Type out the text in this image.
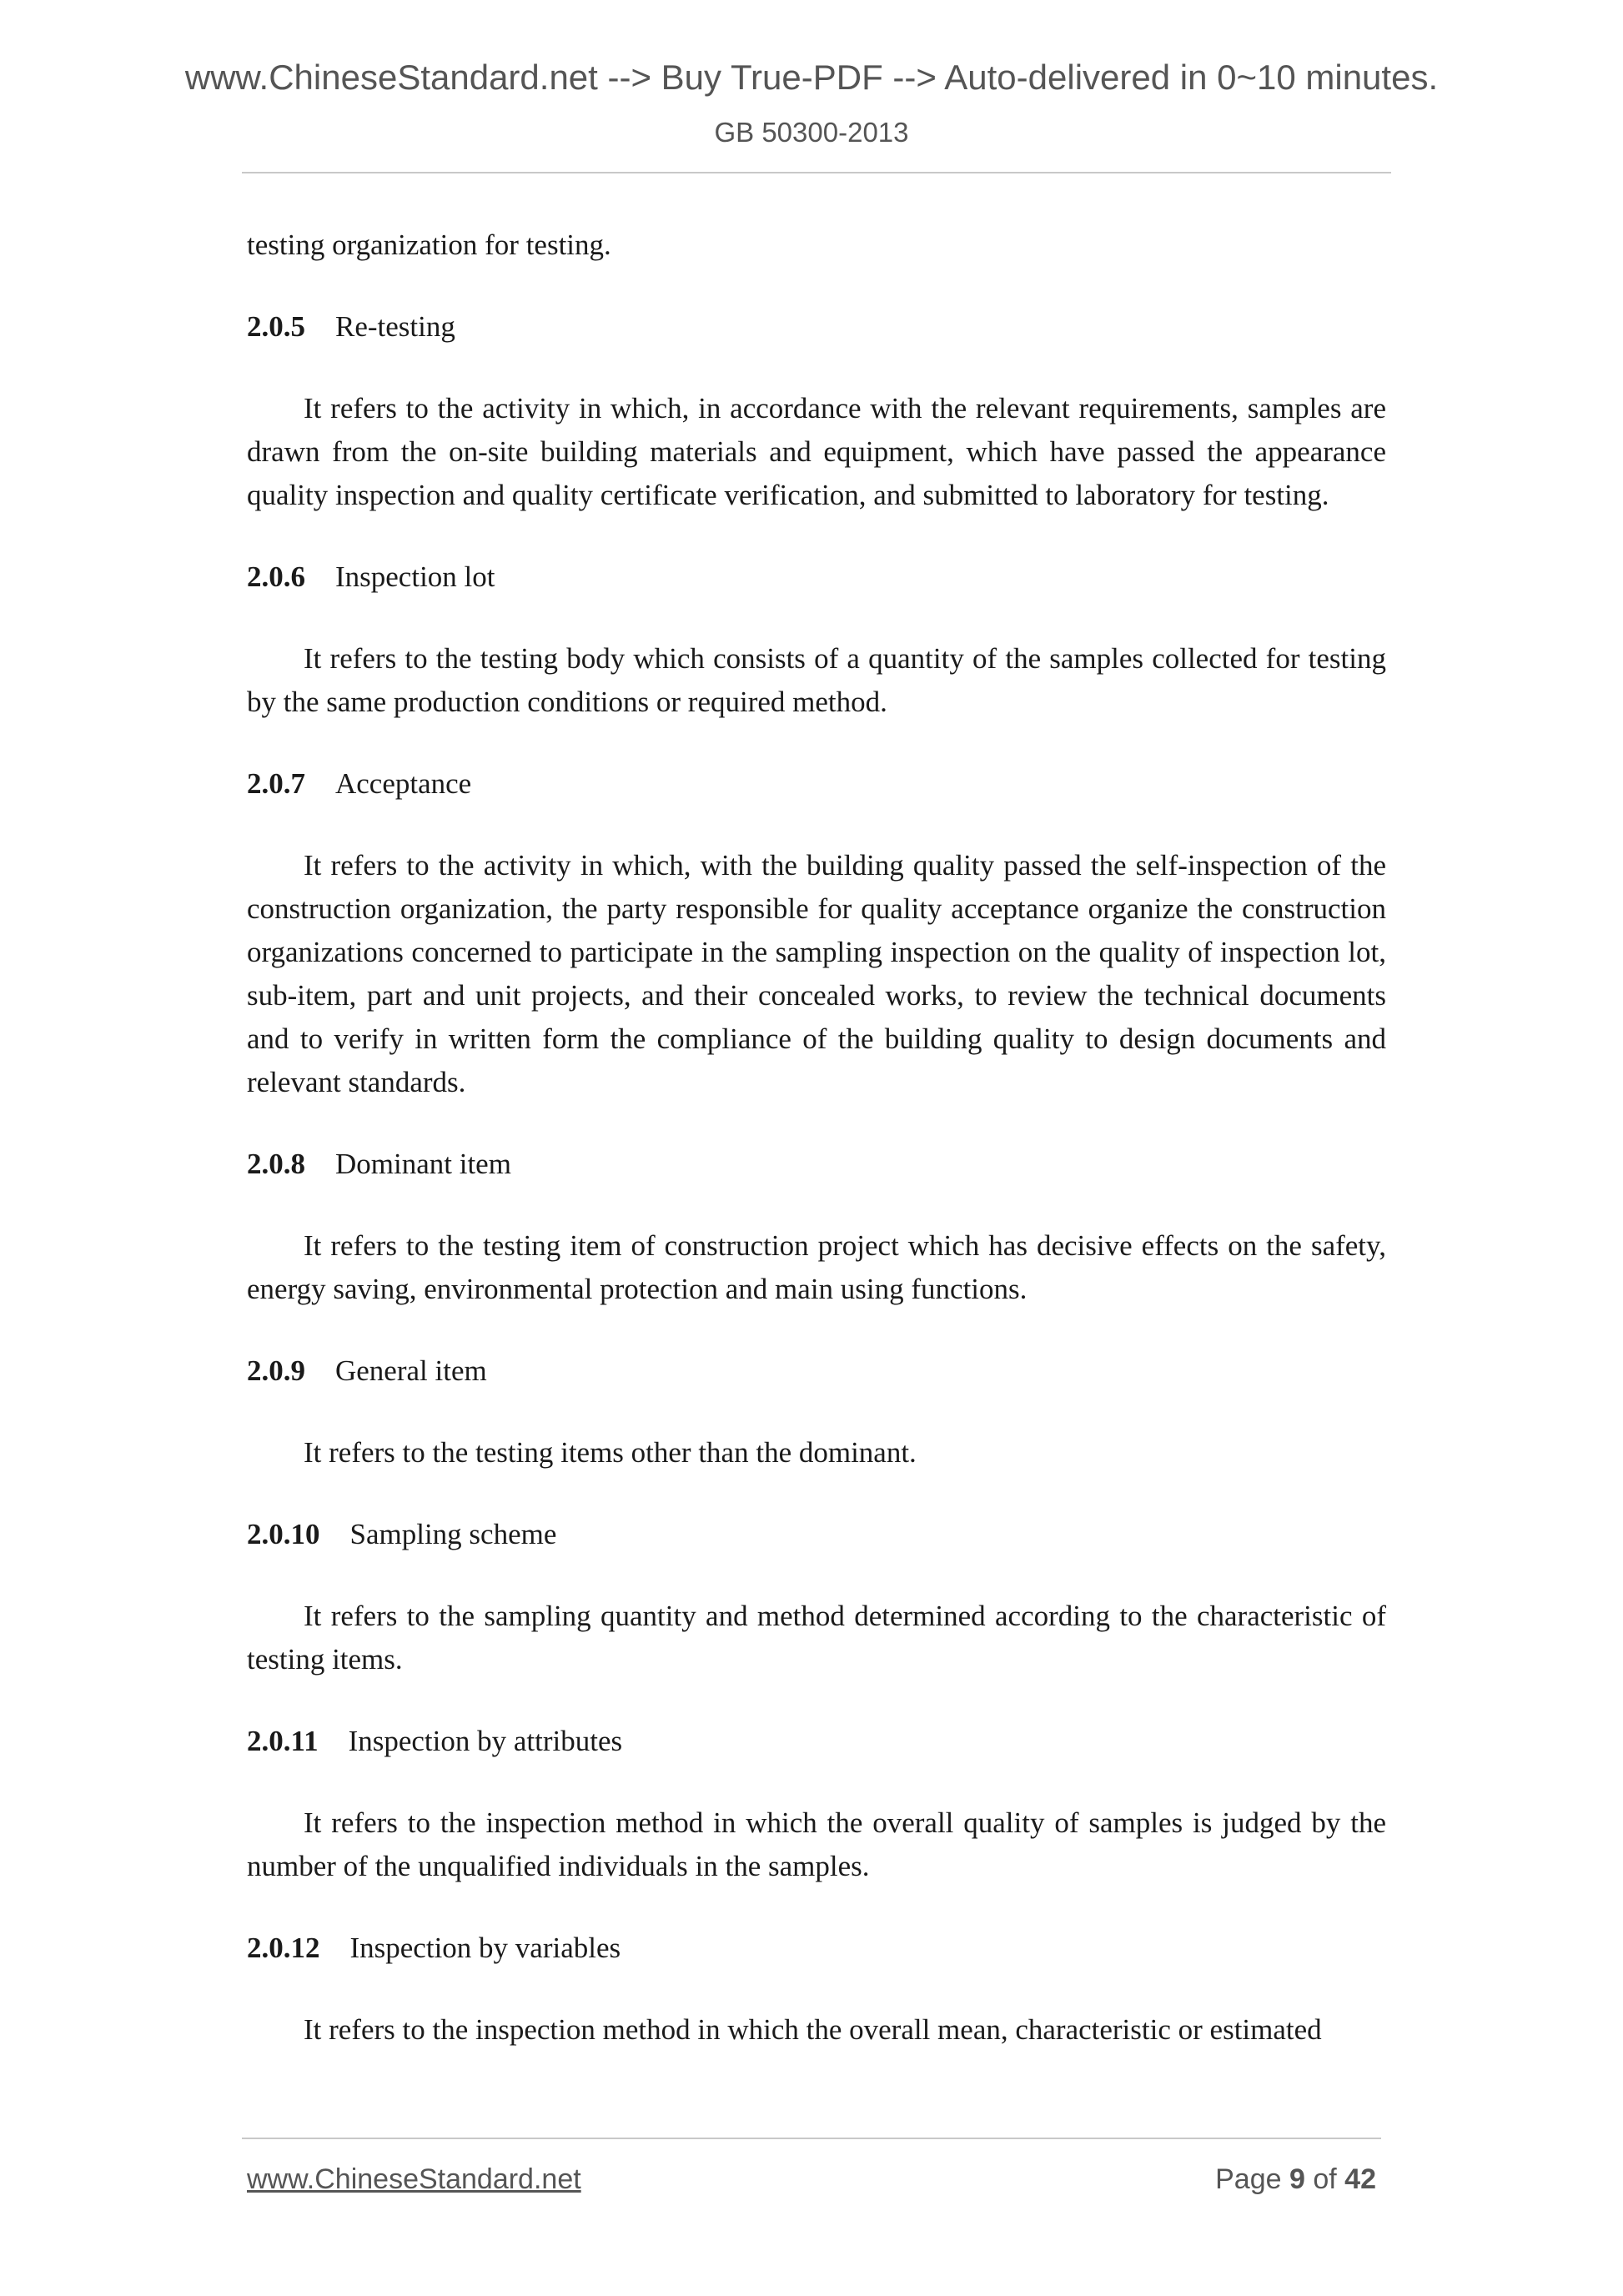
www.ChineseStandard.net --> Buy True-PDF --> Auto-delivered in 0~10 minutes.
GB 50300-2013

testing organization for testing.

2.0.5 Re-testing

It refers to the activity in which, in accordance with the relevant requirements, samples are drawn from the on-site building materials and equipment, which have passed the appearance quality inspection and quality certificate verification, and submitted to laboratory for testing.

2.0.6 Inspection lot

It refers to the testing body which consists of a quantity of the samples collected for testing by the same production conditions or required method.

2.0.7 Acceptance

It refers to the activity in which, with the building quality passed the self-inspection of the construction organization, the party responsible for quality acceptance organize the construction organizations concerned to participate in the sampling inspection on the quality of inspection lot, sub-item, part and unit projects, and their concealed works, to review the technical documents and to verify in written form the compliance of the building quality to design documents and relevant standards.

2.0.8 Dominant item

It refers to the testing item of construction project which has decisive effects on the safety, energy saving, environmental protection and main using functions.

2.0.9 General item

It refers to the testing items other than the dominant.

2.0.10 Sampling scheme

It refers to the sampling quantity and method determined according to the characteristic of testing items.

2.0.11 Inspection by attributes

It refers to the inspection method in which the overall quality of samples is judged by the number of the unqualified individuals in the samples.

2.0.12 Inspection by variables

It refers to the inspection method in which the overall mean, characteristic or estimated

www.ChineseStandard.net	Page 9 of 42
